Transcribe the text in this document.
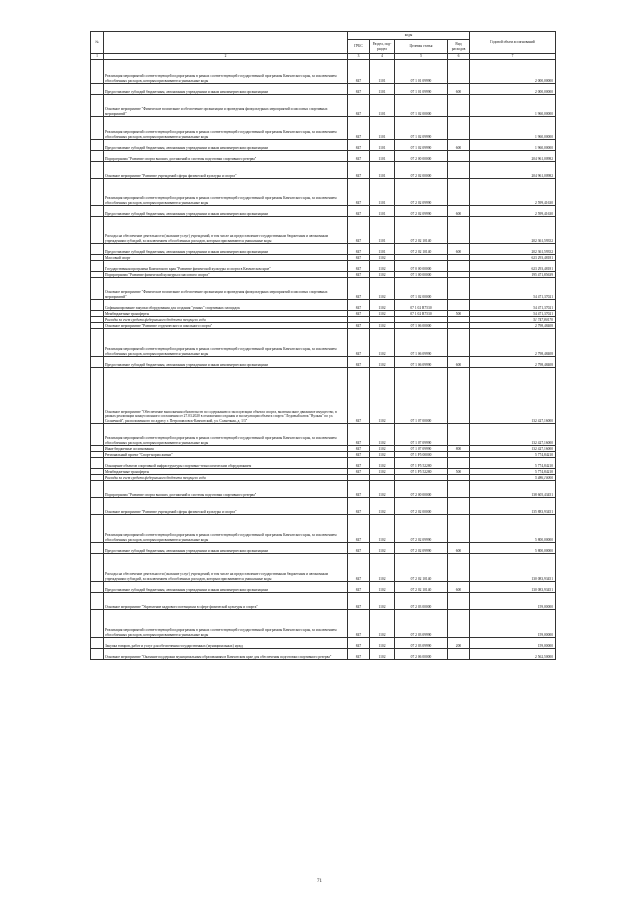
№		коды				Годовой объем ассигнований
		ГРБС	Раздел, под-раздел	Целевая статья	Вид расходов	
1	2	3	4	5	6	7
	Реализация мероприятий соответствующей подпрограммы в рамках соответствующей государственной программы Камчатского края, за исключением обособленных расходов, которым присваиваются уникальные коды	847	1101	07 1 01 09990		2 000,00000
	Предоставление субсидий бюджетным, автономным учреждениям и иным некоммерческим организациям	847	1101	07 1 01 09990	600	2 000,00000
	Основное мероприятие "Физическое воспитание и обеспечение организации и проведения физкультурных мероприятий и массовых спортивных мероприятий"	847	1101	07 1 02 00000		1 960,00000
	Реализация мероприятий соответствующей подпрограммы в рамках соответствующей государственной программы Камчатского края, за исключением обособленных расходов, которым присваиваются уникальные коды	847	1101	07 1 02 09990		1 960,00000
	Предоставление субсидий бюджетным, автономным учреждениям и иным некоммерческим организациям	847	1101	07 1 02 09990	600	1 960,00000
	Подпрограмма "Развитие спорта высших достижений и системы подготовки спортивного резерва"	847	1101	07 2 00 00000		204 961,00982
	Основное мероприятие "Развитие учреждений сферы физической культуры и спорта"	847	1101	07 2 02 00000		204 961,00982
	Реализация мероприятий соответствующей подпрограммы в рамках соответствующей государственной программы Камчатского края, за исключением обособленных расходов, которым присваиваются уникальные коды	847	1101	07 2 02 09990		2 599,41630
	Предоставление субсидий бюджетным, автономным учреждениям и иным некоммерческим организациям	847	1101	07 2 02 09990	600	2 599,41630
	Расходы на обеспечение деятельности (оказание услуг) учреждений, в том числе на предоставление государственным бюджетным и автономным учреждениям субсидий, за исключением обособленных расходов, которым присваиваются уникальные коды	847	1101	07 2 02 10140		202 361,59352
	Предоставление субсидий бюджетным, автономным учреждениям и иным некоммерческим организациям	847	1101	07 2 02 10140	600	202 361,59352
	Массовый спорт	847	1102			623 293,48181
	Государственная программа Камчатского края "Развитие физической культуры и спорта в Камчатском крае"	847	1102	07 0 00 00000		623 293,48181
	Подпрограмма "Развитие физической культуры и массового спорта"	847	1102	07 1 00 00000		195 471,85639
	Основное мероприятие "Физическое воспитание и обеспечение организации и проведения физкультурных мероприятий и массовых спортивных мероприятий"	847	1102	07 1 02 00000		54 471,37021
	Софинансирование закупки оборудования для создания "умных" спортивных площадок	847	1102	07 1 02 R7530		54 471,37021
	Межбюджетные трансферты	847	1102	07 1 02 R7530	500	54 471,37021
	Расходы за счет средств федерального бюджета текущего года					51 747,80170
	Основное мероприятие "Развитие студенческого и школьного спорта"	847	1102	07 1 06 00000		2 798,48408
	Реализация мероприятий соответствующей подпрограммы в рамках соответствующей государственной программы Камчатского края, за исключением обособленных расходов, которым присваиваются уникальные коды	847	1102	07 1 06 09990		2 798,48408
	Предоставление субсидий бюджетным, автономным учреждениям и иным некоммерческим организациям	847	1102	07 1 06 09990	600	2 798,48408
	Основное мероприятие "Обеспечение выполнения обязательств по содержанию и эксплуатации объекта спорта, включая иное движимое имущество, в рамках реализации концессионного соглашения от 27.03.2020 в отношении создания и эксплуатации объекта спорта "Ледовый каток "Вулкан" по ул. Солнечной", расположенного по адресу г. Петропавловск-Камчатский, ул. Солнечная, д. 1/3"	847	1102	07 1 07 00000		132 427,16000
	Реализация мероприятий соответствующей подпрограммы в рамках соответствующей государственной программы Камчатского края, за исключением обособленных расходов, которым присваиваются уникальные коды	847	1102	07 1 07 09990		132 427,16000
	Иные бюджетные ассигнования	847	1102	07 1 07 09990	800	132 427,16000
	Региональный проект "Спорт-норма жизни"	847	1102	07 1 P5 00000		5 774,84210
	Оснащение объектов спортивной инфраструктуры спортивно-технологическим оборудованием	847	1102	07 1 P5 52280		5 774,84210
	Межбюджетные трансферты	847	1102	07 1 P5 52280	500	5 774,84210
	Расходы за счет средств федерального бюджета текущего года					5 486,10000
	Подпрограмма "Развитие спорта высших достижений и системы подготовки спортивного резерва"	847	1102	07 2 00 00000		138 605,43451
	Основное мероприятие "Развитие учреждений сферы физической культуры и спорта"	847	1102	07 2 02 00000		135 883,93451
	Реализация мероприятий соответствующей подпрограммы в рамках соответствующей государственной программы Камчатского края, за исключением обособленных расходов, которым присваиваются уникальные коды	847	1102	07 2 02 09990		5 800,00000
	Предоставление субсидий бюджетным, автономным учреждениям и иным некоммерческим организациям	847	1102	07 2 02 09990	600	5 800,00000
	Расходы на обеспечение деятельности (оказание услуг) учреждений, в том числе на предоставление государственным бюджетным и автономным учреждениям субсидий, за исключением обособленных расходов, которым присваиваются уникальные коды	847	1102	07 2 02 10140		130 083,93451
	Предоставление субсидий бюджетным, автономным учреждениям и иным некоммерческим организациям	847	1102	07 2 02 10140	600	130 083,93451
	Основное мероприятие "Укрепление кадрового потенциала в сфере физической культуры и спорта"	847	1102	07 2 03 00000		159,00000
	Реализация мероприятий соответствующей подпрограммы в рамках соответствующей государственной программы Камчатского края, за исключением обособленных расходов, которым присваиваются уникальные коды	847	1102	07 2 03 09990		159,00000
	Закупка товаров, работ и услуг для обеспечения государственных (муниципальных) нужд	847	1102	07 2 03 09990	200	159,00000
	Основное мероприятие "Оказание поддержки муниципальным образованиям в Камчатском крае для обеспечения подготовки спортивного резерва"	847	1102	07 2 06 00000		2 562,50000
71
